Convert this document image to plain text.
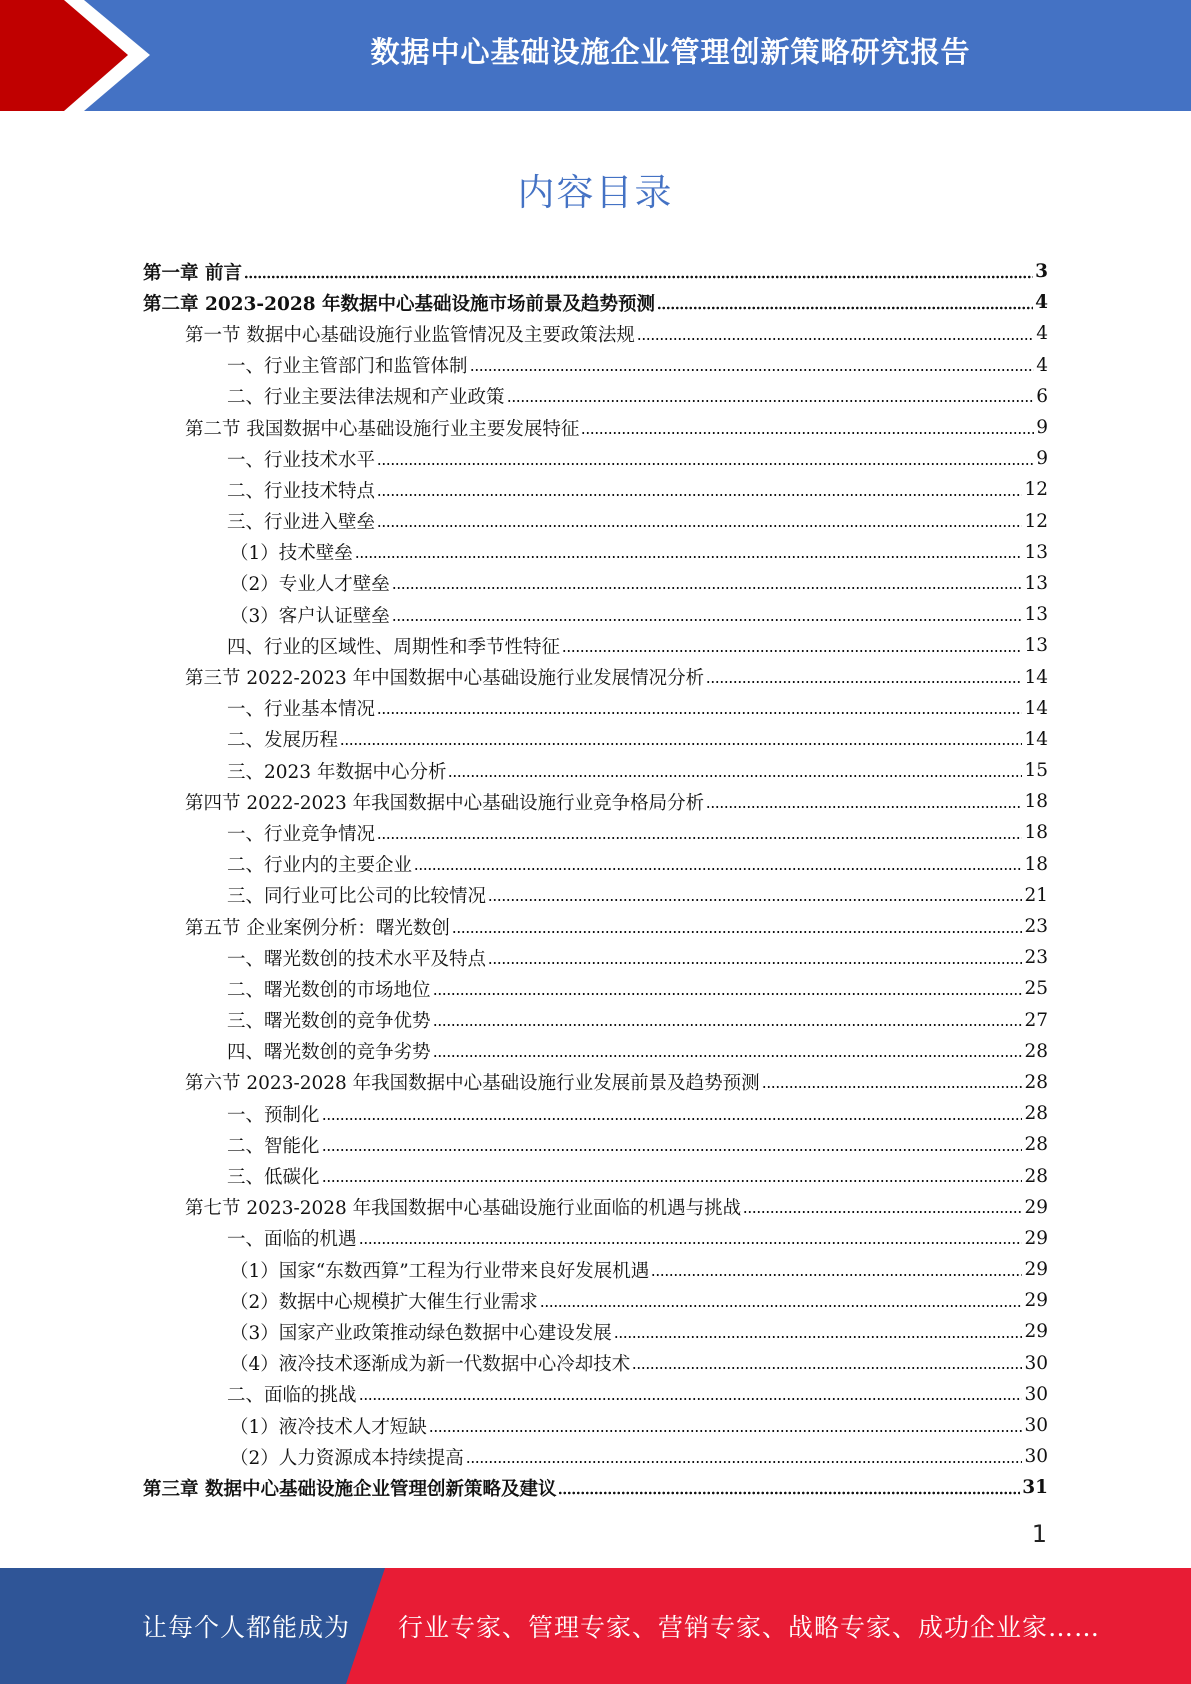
数据中心基础设施企业管理创新策略研究报告
内容目录
第一章 前言	3
第二章 2023-2028 年数据中心基础设施市场前景及趋势预测	4
第一节 数据中心基础设施行业监管情况及主要政策法规	4
一、行业主管部门和监管体制	4
二、行业主要法律法规和产业政策	6
第二节 我国数据中心基础设施行业主要发展特征	9
一、行业技术水平	9
二、行业技术特点	12
三、行业进入壁垒	12
（1）技术壁垒	13
（2）专业人才壁垒	13
（3）客户认证壁垒	13
四、行业的区域性、周期性和季节性特征	13
第三节 2022-2023 年中国数据中心基础设施行业发展情况分析	14
一、行业基本情况	14
二、发展历程	14
三、2023 年数据中心分析	15
第四节 2022-2023 年我国数据中心基础设施行业竞争格局分析	18
一、行业竞争情况	18
二、行业内的主要企业	18
三、同行业可比公司的比较情况	21
第五节 企业案例分析：曙光数创	23
一、曙光数创的技术水平及特点	23
二、曙光数创的市场地位	25
三、曙光数创的竞争优势	27
四、曙光数创的竞争劣势	28
第六节 2023-2028 年我国数据中心基础设施行业发展前景及趋势预测	28
一、预制化	28
二、智能化	28
三、低碳化	28
第七节 2023-2028 年我国数据中心基础设施行业面临的机遇与挑战	29
一、面临的机遇	29
（1）国家“东数西算”工程为行业带来良好发展机遇	29
（2）数据中心规模扩大催生行业需求	29
（3）国家产业政策推动绿色数据中心建设发展	29
（4）液冷技术逐渐成为新一代数据中心冷却技术	30
二、面临的挑战	30
（1）液冷技术人才短缺	30
（2）人力资源成本持续提高	30
第三章 数据中心基础设施企业管理创新策略及建议	31
1
让每个人都能成为 行业专家、管理专家、营销专家、战略专家、成功企业家……
